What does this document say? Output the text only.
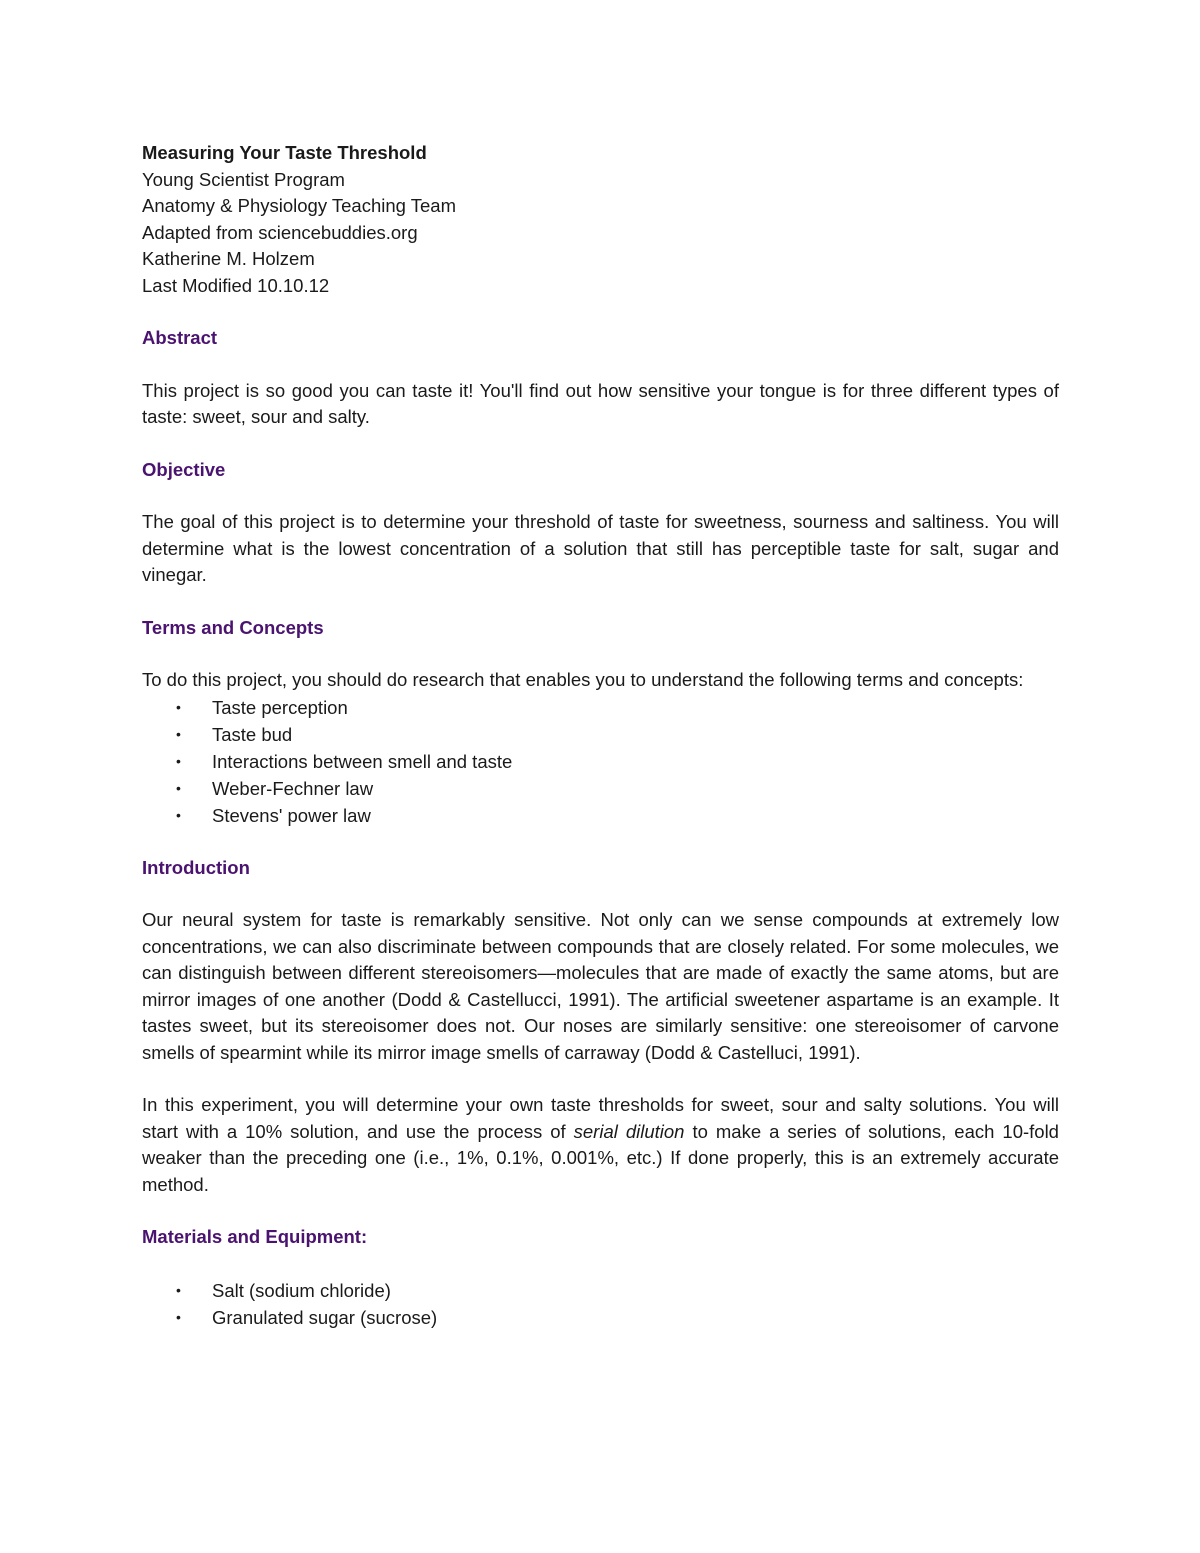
Measuring Your Taste Threshold
Young Scientist Program
Anatomy & Physiology Teaching Team
Adapted from sciencebuddies.org
Katherine M. Holzem
Last Modified 10.10.12
Abstract

This project is so good you can taste it! You'll find out how sensitive your tongue is for three different types of taste: sweet, sour and salty.

Objective

The goal of this project is to determine your threshold of taste for sweetness, sourness and saltiness. You will determine what is the lowest concentration of a solution that still has perceptible taste for salt, sugar and vinegar.

Terms and Concepts

To do this project, you should do research that enables you to understand the following terms and concepts:

• Taste perception
• Taste bud
• Interactions between smell and taste
• Weber-Fechner law
• Stevens' power law
Introduction

Our neural system for taste is remarkably sensitive. Not only can we sense compounds at extremely low concentrations, we can also discriminate between compounds that are closely related. For some molecules, we can distinguish between different stereoisomers—molecules that are made of exactly the same atoms, but are mirror images of one another (Dodd & Castellucci, 1991). The artificial sweetener aspartame is an example. It tastes sweet, but its stereoisomer does not. Our noses are similarly sensitive: one stereoisomer of carvone smells of spearmint while its mirror image smells of carraway (Dodd & Castelluci, 1991).

In this experiment, you will determine your own taste thresholds for sweet, sour and salty solutions. You will start with a 10% solution, and use the process of serial dilution to make a series of solutions, each 10-fold weaker than the preceding one (i.e., 1%, 0.1%, 0.001%, etc.) If done properly, this is an extremely accurate method.

Materials and Equipment:
• Salt (sodium chloride)
• Granulated sugar (sucrose)
